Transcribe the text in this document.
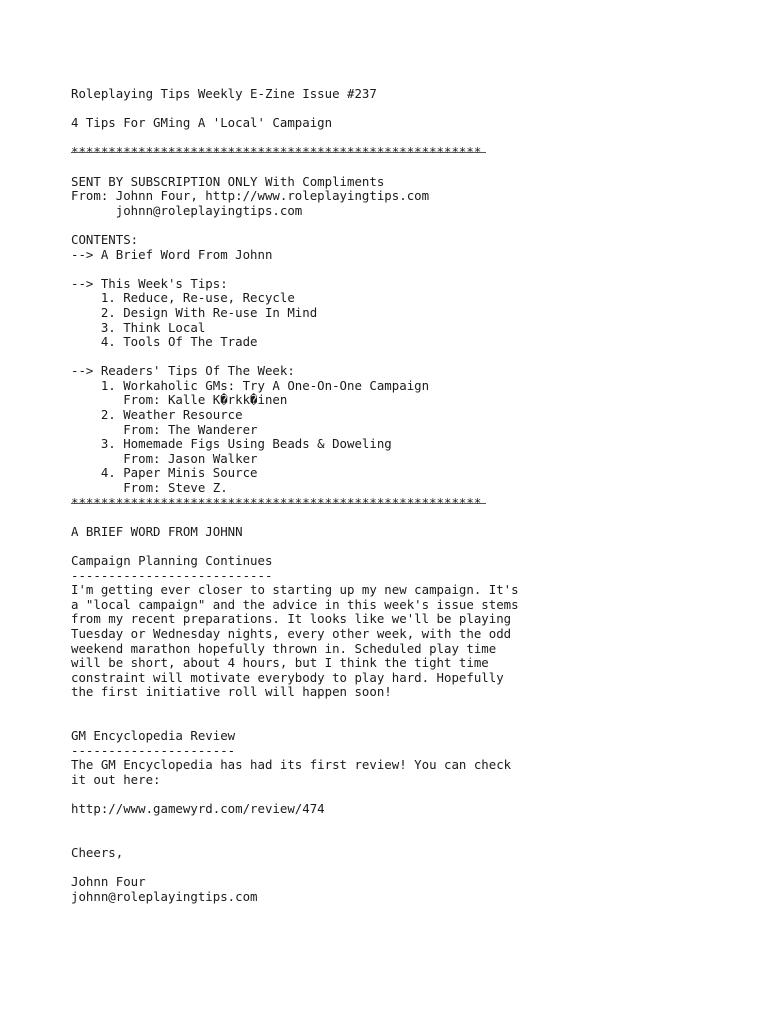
Roleplaying Tips Weekly E-Zine Issue #237
4 Tips For GMing A 'Local' Campaign
*******************************************************
SENT BY SUBSCRIPTION ONLY With Compliments
From: Johnn Four, http://www.roleplayingtips.com
johnn@roleplayingtips.com
CONTENTS:
--> A Brief Word From Johnn
--> This Week's Tips:
1. Reduce, Re-use, Recycle
2. Design With Re-use In Mind
3. Think Local
4. Tools Of The Trade
--> Readers' Tips Of The Week:
1. Workaholic GMs: Try A One-On-One Campaign
From: Kalle K�rkk�inen
2. Weather Resource
From: The Wanderer
3. Homemade Figs Using Beads & Doweling
From: Jason Walker
4. Paper Minis Source
From: Steve Z.
*******************************************************
A BRIEF WORD FROM JOHNN
Campaign Planning Continues
---------------------------
I'm getting ever closer to starting up my new campaign. It's
a "local campaign" and the advice in this week's issue stems
from my recent preparations. It looks like we'll be playing
Tuesday or Wednesday nights, every other week, with the odd
weekend marathon hopefully thrown in. Scheduled play time
will be short, about 4 hours, but I think the tight time
constraint will motivate everybody to play hard. Hopefully
the first initiative roll will happen soon!
GM Encyclopedia Review
----------------------
The GM Encyclopedia has had its first review! You can check
it out here:
http://www.gamewyrd.com/review/474
Cheers,
Johnn Four
johnn@roleplayingtips.com
